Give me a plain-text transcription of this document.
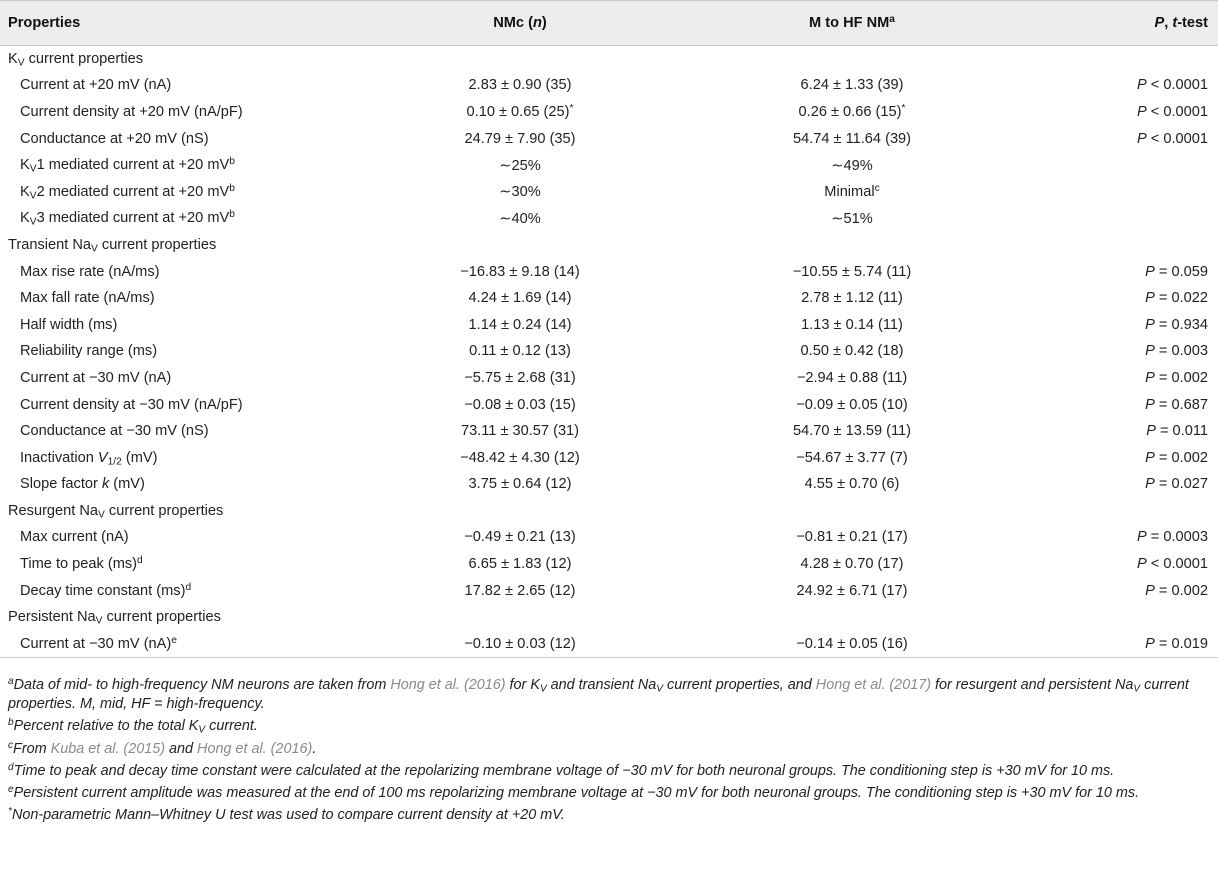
Properties	NMc (n)	M to HF $NM^a$	P, t-test
$K_V$ current properties			
Current at +20 mV (nA)	2.83 ± 0.90 (35)	6.24 ± 1.33 (39)	P < 0.0001
Current density at +20 mV (nA/pF)	0.10 ± 0.65 (25)*	0.26 ± 0.66 (15)*	P < 0.0001
Conductance at +20 mV (nS)	24.79 ± 7.90 (35)	54.74 ± 11.64 (39)	P < 0.0001
$K_V1$ mediated current at +20 $mV^b$	∼25%	∼49%	
$K_V2$ mediated current at +20 $mV^b$	∼30%	Minimal$^c$	
$K_V3$ mediated current at +20 $mV^b$	∼40%	∼51%	
Transient $Na_V$ current properties			
Max rise rate (nA/ms)	−16.83 ± 9.18 (14)	−10.55 ± 5.74 (11)	P = 0.059
Max fall rate (nA/ms)	4.24 ± 1.69 (14)	2.78 ± 1.12 (11)	P = 0.022
Half width (ms)	1.14 ± 0.24 (14)	1.13 ± 0.14 (11)	P = 0.934
Reliability range (ms)	0.11 ± 0.12 (13)	0.50 ± 0.42 (18)	P = 0.003
Current at −30 mV (nA)	−5.75 ± 2.68 (31)	−2.94 ± 0.88 (11)	P = 0.002
Current density at −30 mV (nA/pF)	−0.08 ± 0.03 (15)	−0.09 ± 0.05 (10)	P = 0.687
Conductance at −30 mV (nS)	73.11 ± 30.57 (31)	54.70 ± 13.59 (11)	P = 0.011
Inactivation $V_{1/2}$ (mV)	−48.42 ± 4.30 (12)	−54.67 ± 3.77 (7)	P = 0.002
Slope factor k (mV)	3.75 ± 0.64 (12)	4.55 ± 0.70 (6)	P = 0.027
Resurgent $Na_V$ current properties			
Max current (nA)	−0.49 ± 0.21 (13)	−0.81 ± 0.21 (17)	P = 0.0003
Time to peak (ms)$^d$	6.65 ± 1.83 (12)	4.28 ± 0.70 (17)	P < 0.0001
Decay time constant (ms)$^d$	17.82 ± 2.65 (12)	24.92 ± 6.71 (17)	P = 0.002
Persistent $Na_V$ current properties			
Current at −30 mV (nA)$^e$	−0.10 ± 0.03 (12)	−0.14 ± 0.05 (16)	P = 0.019

$^a$Data of mid- to high-frequency NM neurons are taken from Hong et al. (2016) for $K_V$ and transient $Na_V$ current properties, and Hong et al. (2017) for resurgent and persistent $Na_V$ current properties. M, mid, HF = high-frequency.

$^b$Percent relative to the total $K_V$ current.

$^c$From Kuba et al. (2015) and Hong et al. (2016).

$^d$Time to peak and decay time constant were calculated at the repolarizing membrane voltage of −30 mV for both neuronal groups. The conditioning step is +30 mV for 10 ms.

$^e$Persistent current amplitude was measured at the end of 100 ms repolarizing membrane voltage at −30 mV for both neuronal groups. The conditioning step is +30 mV for 10 ms.

*Non-parametric Mann–Whitney U test was used to compare current density at +20 mV.
